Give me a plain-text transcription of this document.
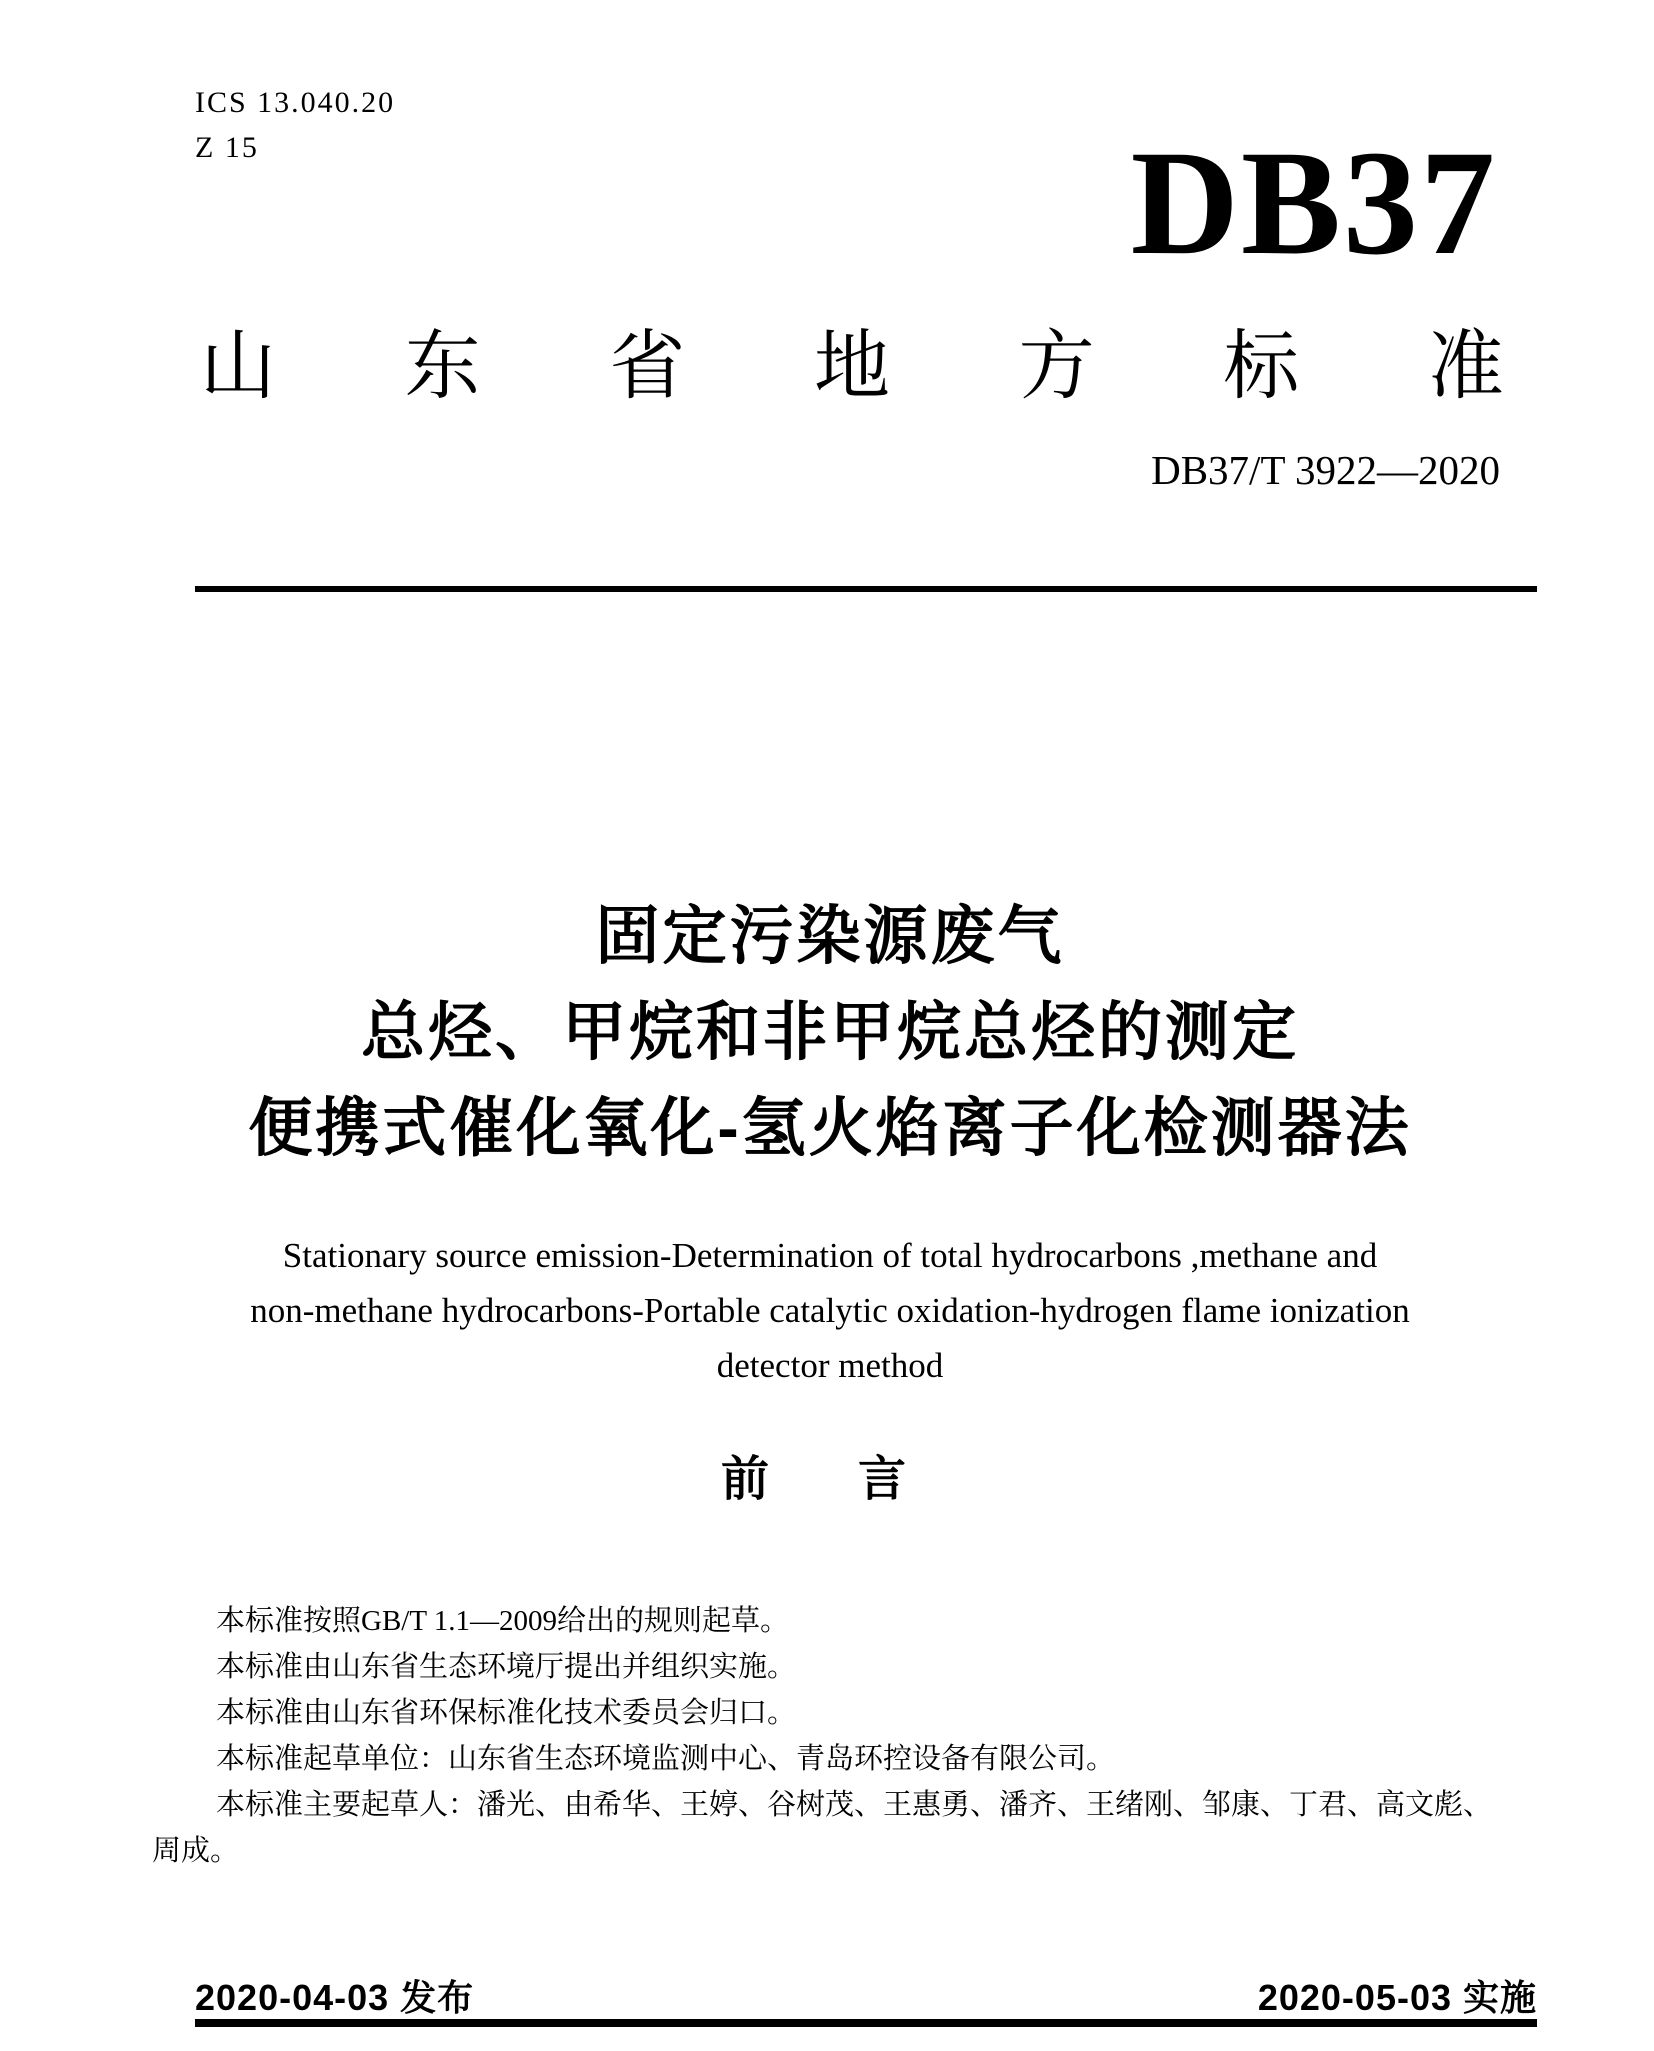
ICS 13.040.20
Z 15	DB37
山 东 省 地 方 标 准
DB37/T 3922—2020
固定污染源废气
总烃、甲烷和非甲烷总烃的测定
便携式催化氧化-氢火焰离子化检测器法
Stationary source emission-Determination of total hydrocarbons ,methane and
non-methane hydrocarbons-Portable catalytic oxidation-hydrogen flame ionization
detector method
前 言
本标准按照GB/T 1.1—2009给出的规则起草。
本标准由山东省生态环境厅提出并组织实施。
本标准由山东省环保标准化技术委员会归口。
本标准起草单位：山东省生态环境监测中心、青岛环控设备有限公司。
本标准主要起草人：潘光、由希华、王婷、谷树茂、王惠勇、潘齐、王绪刚、邹康、丁君、高文彪、
周成。
2020-04-03 发布	2020-05-03 实施
